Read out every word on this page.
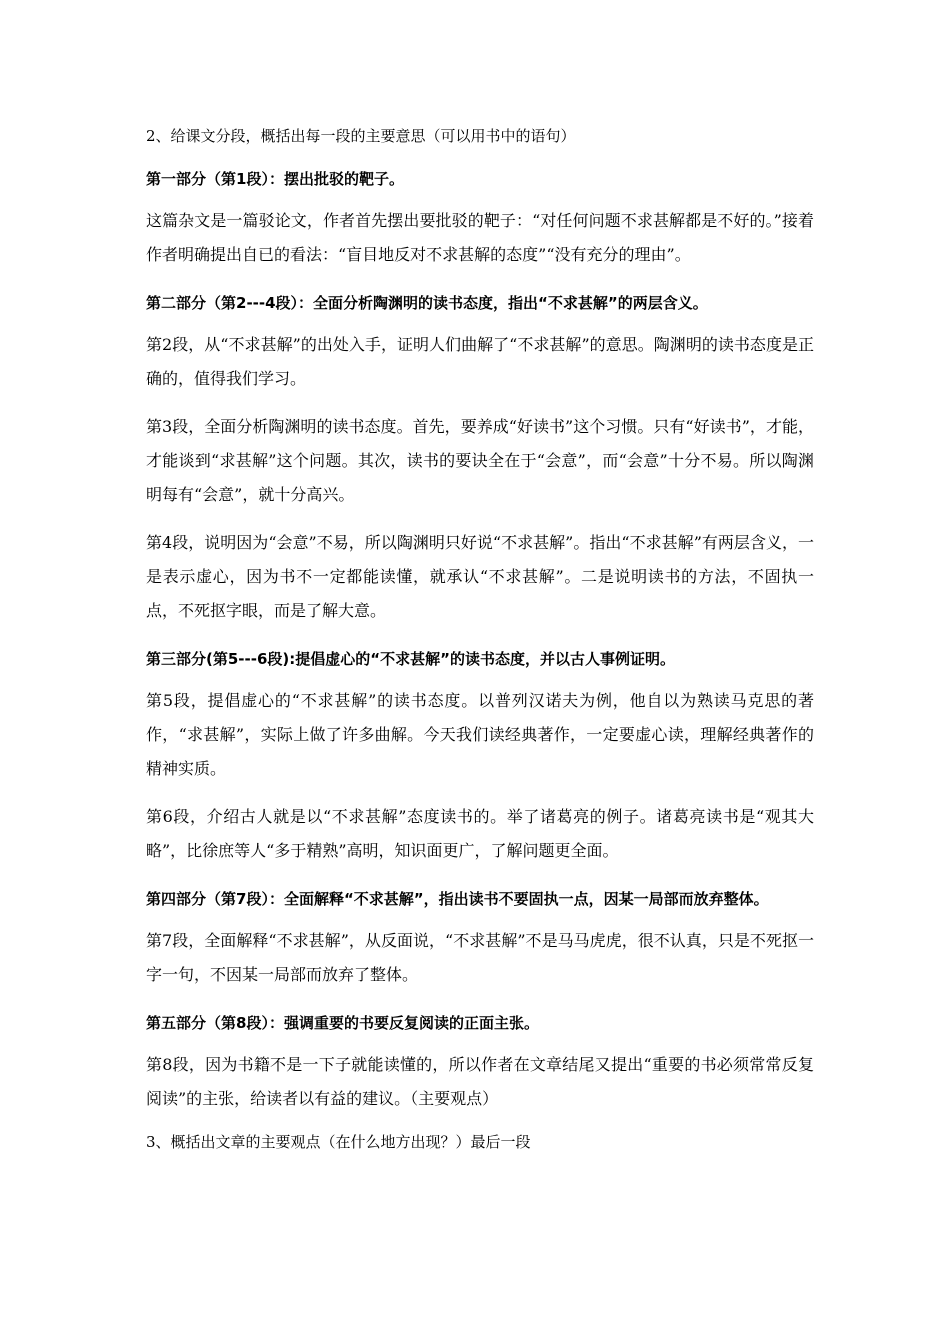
2、给课文分段，概括出每一段的主要意思（可以用书中的语句）

第一部分（第1段）：摆出批驳的靶子。

这篇杂文是一篇驳论文，作者首先摆出要批驳的靶子：“对任何问题不求甚解都是不好的。”接着作者明确提出自已的看法：“盲目地反对不求甚解的态度”“没有充分的理由”。

第二部分（第2---4段）：全面分析陶渊明的读书态度，指出“不求甚解”的两层含义。

第2段，从“不求甚解”的出处入手，证明人们曲解了“不求甚解”的意思。陶渊明的读书态度是正确的，值得我们学习。

第3段，全面分析陶渊明的读书态度。首先，要养成“好读书”这个习惯。只有“好读书”，才能，才能谈到“求甚解”这个问题。其次，读书的要诀全在于“会意”，而“会意”十分不易。所以陶渊明每有“会意”，就十分高兴。

第4段，说明因为“会意”不易，所以陶渊明只好说“不求甚解”。指出“不求甚解”有两层含义，一是表示虚心，因为书不一定都能读懂，就承认“不求甚解”。二是说明读书的方法，不固执一点，不死抠字眼，而是了解大意。

第三部分(第5---6段):提倡虚心的“不求甚解”的读书态度，并以古人事例证明。

第5段，提倡虚心的“不求甚解”的读书态度。以普列汉诺夫为例，他自以为熟读马克思的著作，“求甚解”，实际上做了许多曲解。今天我们读经典著作，一定要虚心读，理解经典著作的精神实质。

第6段，介绍古人就是以“不求甚解”态度读书的。举了诸葛亮的例子。诸葛亮读书是“观其大略”，比徐庶等人“多于精熟”高明，知识面更广，了解问题更全面。

第四部分（第7段）：全面解释“不求甚解”，指出读书不要固执一点，因某一局部而放弃整体。

第7段，全面解释“不求甚解”，从反面说，“不求甚解”不是马马虎虎，很不认真，只是不死抠一字一句，不因某一局部而放弃了整体。

第五部分（第8段）：强调重要的书要反复阅读的正面主张。

第8段，因为书籍不是一下子就能读懂的，所以作者在文章结尾又提出“重要的书必须常常反复阅读”的主张，给读者以有益的建议。（主要观点）

3、概括出文章的主要观点（在什么地方出现？）最后一段
